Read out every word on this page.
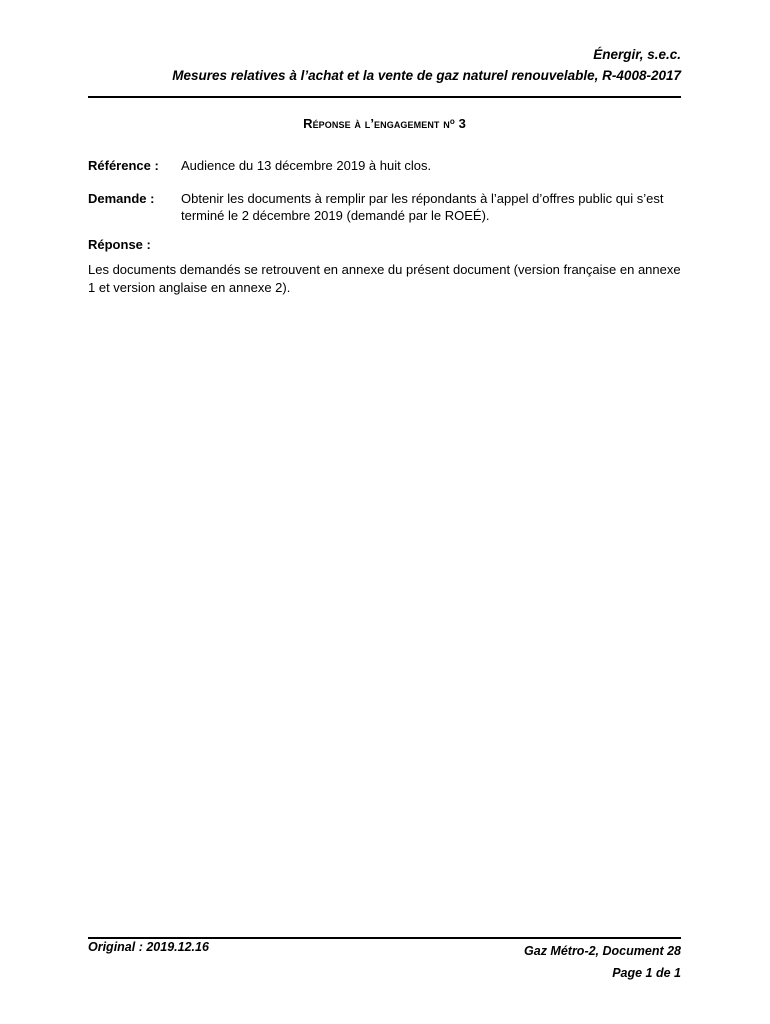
Énergir, s.e.c.
Mesures relatives à l’achat et la vente de gaz naturel renouvelable, R-4008-2017
Réponse à l’engagement $n^o$ 3
Référence :	Audience du 13 décembre 2019 à huit clos.
Demande :	Obtenir les documents à remplir par les répondants à l’appel d’offres public qui s’est terminé le 2 décembre 2019 (demandé par le ROEÉ).
Réponse :
Les documents demandés se retrouvent en annexe du présent document (version française en annexe 1 et version anglaise en annexe 2).
Original : 2019.12.16	Gaz Métro-2, Document 28
Page 1 de 1
